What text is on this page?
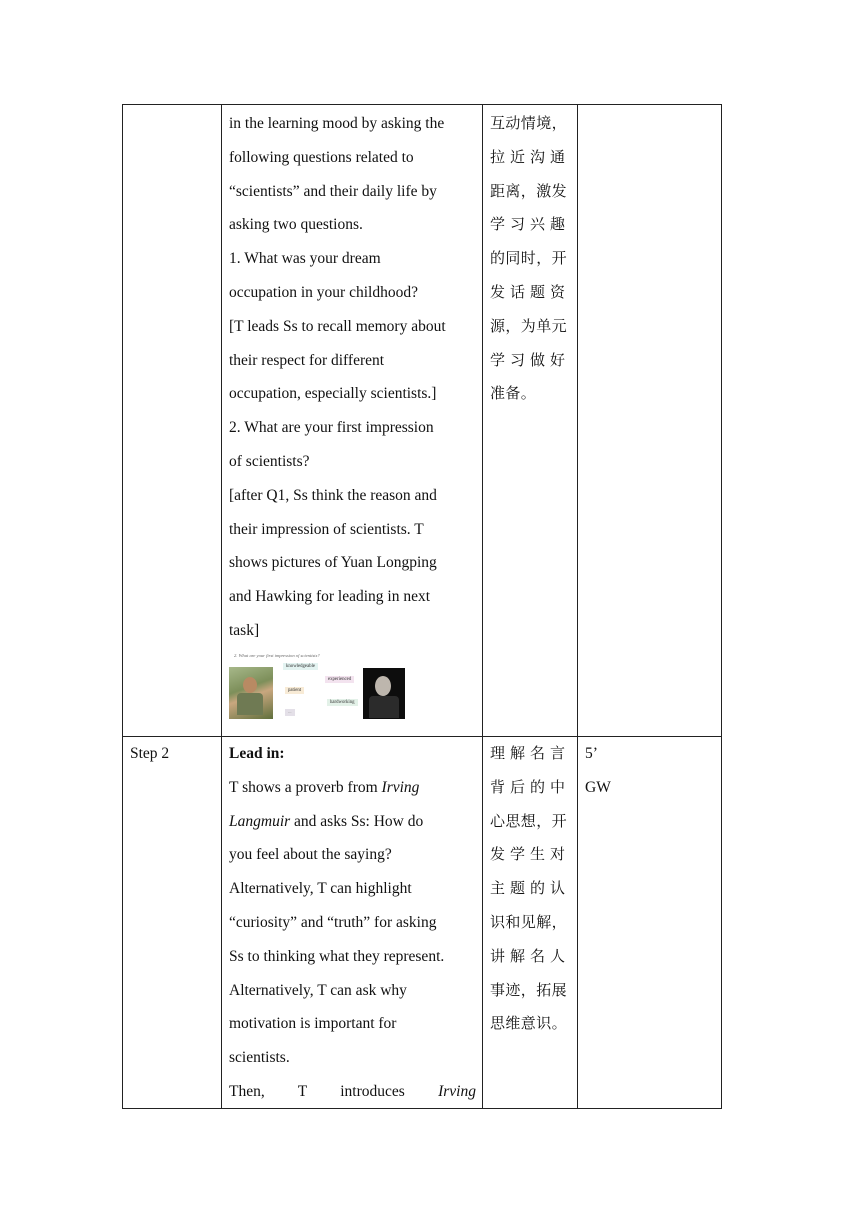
in the learning mood by asking the

following questions related to

“scientists” and their daily life by

asking two questions.

1. What was your dream

occupation in your childhood?

[T leads Ss to recall memory about

their respect for different

occupation, especially scientists.]

2. What are your first impression

of scientists?

[after Q1, Ss think the reason and

their impression of scientists. T

shows pictures of Yuan Longping

and Hawking for leading in next

task]

2. What are your first impression of scientists?
knowledgeable
experienced
patient
hardworking
...

互动情境，

拉近沟通

距离，激发

学习兴趣

的同时，开

发话题资

源，为单元

学习做好

准备。

Step 2	Lead in:

T shows a proverb from Irving

Langmuir and asks Ss: How do

you feel about the saying?

Alternatively, T can highlight

“curiosity” and “truth” for asking

Ss to thinking what they represent.

Alternatively, T can ask why

motivation is important for

scientists.

Then, T introduces Irving

理解名言

背后的中

心思想，开

发学生对

主题的认

识和见解，

讲解名人

事迹，拓展

思维意识。

5’

GW
